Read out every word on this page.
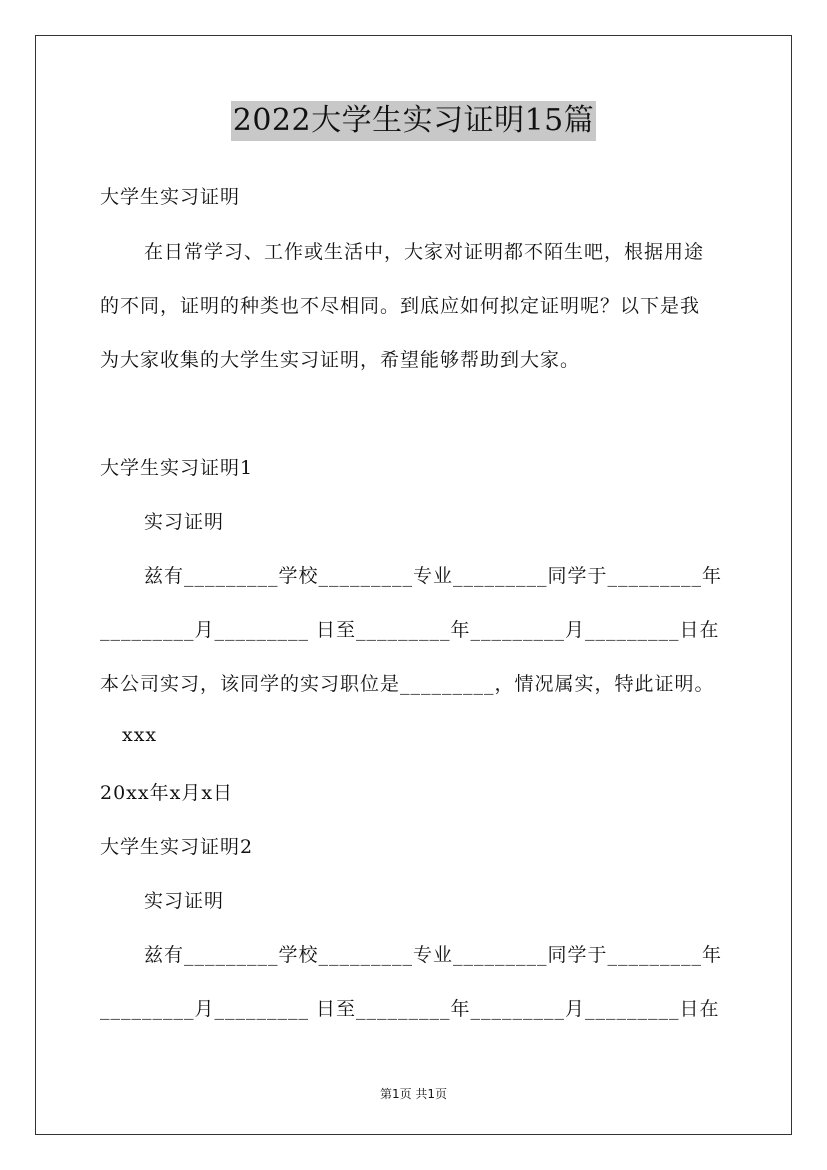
2022大学生实习证明15篇
大学生实习证明
在日常学习、工作或生活中，大家对证明都不陌生吧，根据用途
的不同，证明的种类也不尽相同。到底应如何拟定证明呢？以下是我
为大家收集的大学生实习证明，希望能够帮助到大家。
大学生实习证明1
实习证明
兹有_________学校_________专业_________同学于_________年
_________月_________ 日至_________年_________月_________日在
本公司实习，该同学的实习职位是_________，情况属实，特此证明。
xxx
20xx年x月x日
大学生实习证明2
实习证明
兹有_________学校_________专业_________同学于_________年
_________月_________ 日至_________年_________月_________日在
第1页 共1页
